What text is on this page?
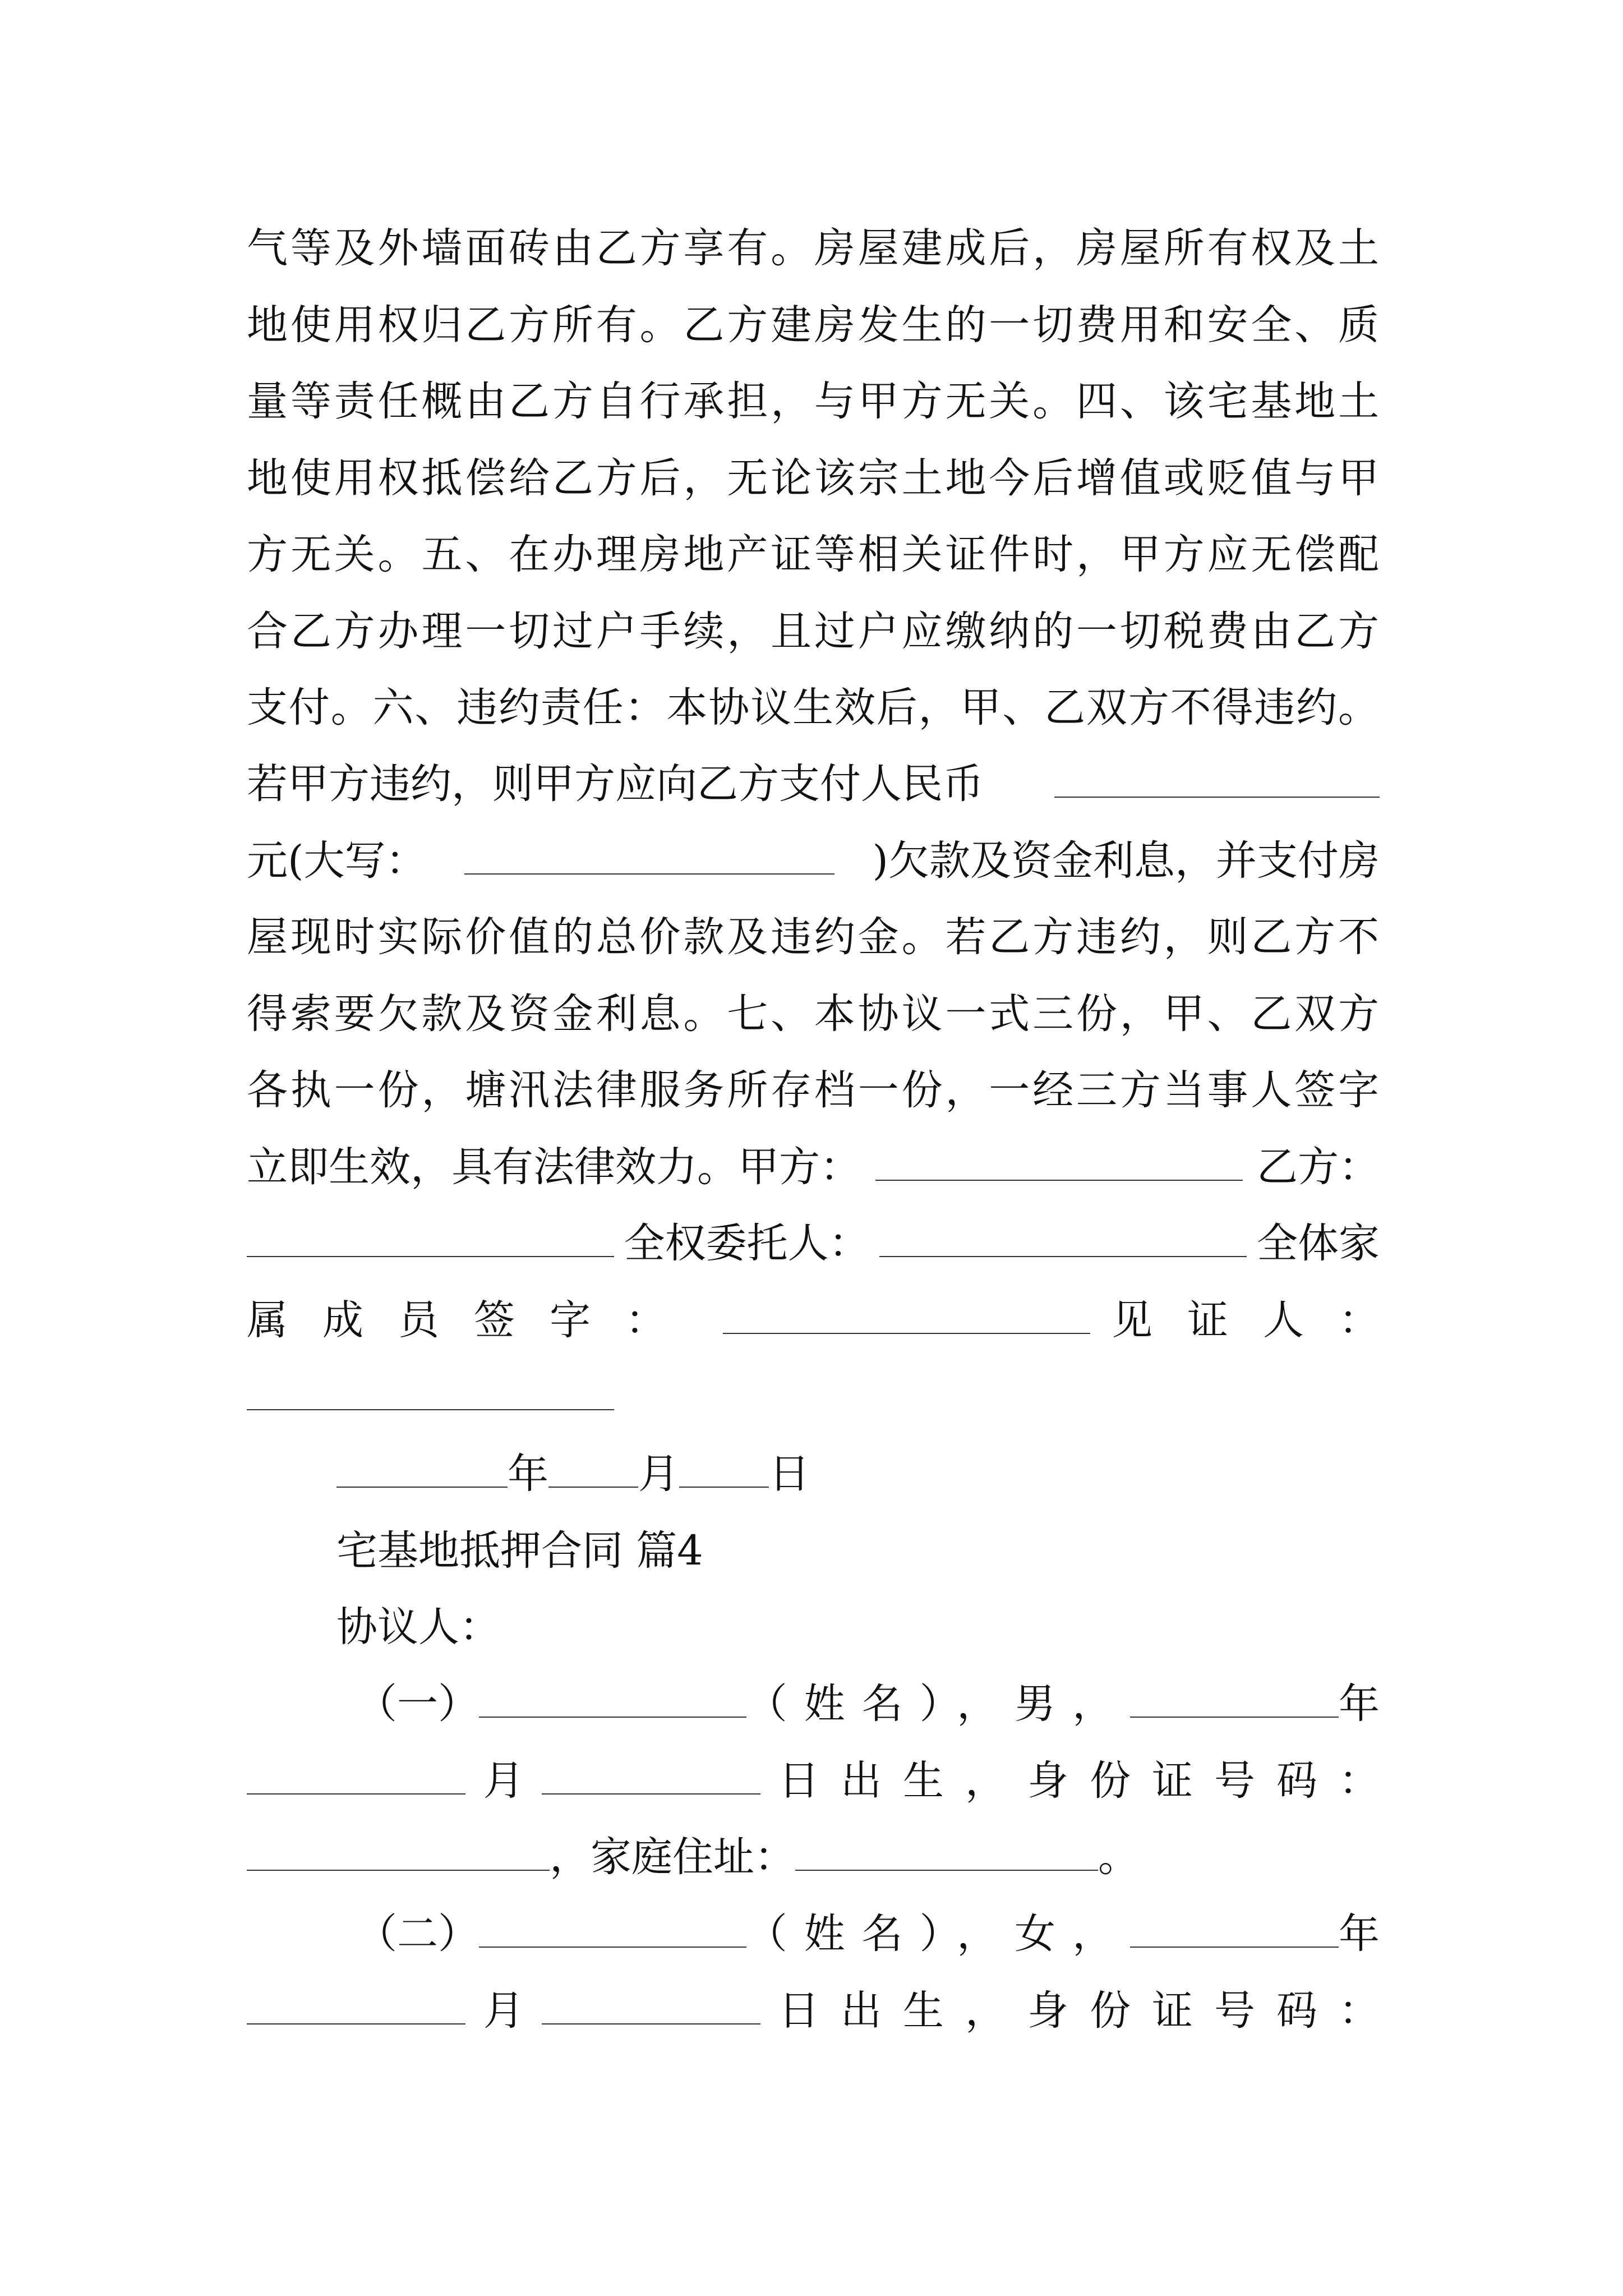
气等及外墙面砖由乙方享有。房屋建成后，房屋所有权及土
地使用权归乙方所有。乙方建房发生的一切费用和安全、质
量等责任概由乙方自行承担，与甲方无关。四、该宅基地土
地使用权抵偿给乙方后，无论该宗土地今后增值或贬值与甲
方无关。五、在办理房地产证等相关证件时，甲方应无偿配
合乙方办理一切过户手续，且过户应缴纳的一切税费由乙方
支付。六、违约责任：本协议生效后，甲、乙双方不得违约。
若甲方违约，则甲方应向乙方支付人民币
元(大写：	)欠款及资金利息，并支付房
屋现时实际价值的总价款及违约金。若乙方违约，则乙方不
得索要欠款及资金利息。七、本协议一式三份，甲、乙双方
各执一份，塘汛法律服务所存档一份，一经三方当事人签字
立即生效，具有法律效力。甲方：	乙方：
全权委托人：	全体家
属成员签字：	见证人：
年 月 日
宅基地抵押合同 篇4
协议人：
（一）	（姓名），男，	年
月	日出生，身份证号码：
，家庭住址：	。
（二）	（姓名），女，	年
月	日出生，身份证号码：
